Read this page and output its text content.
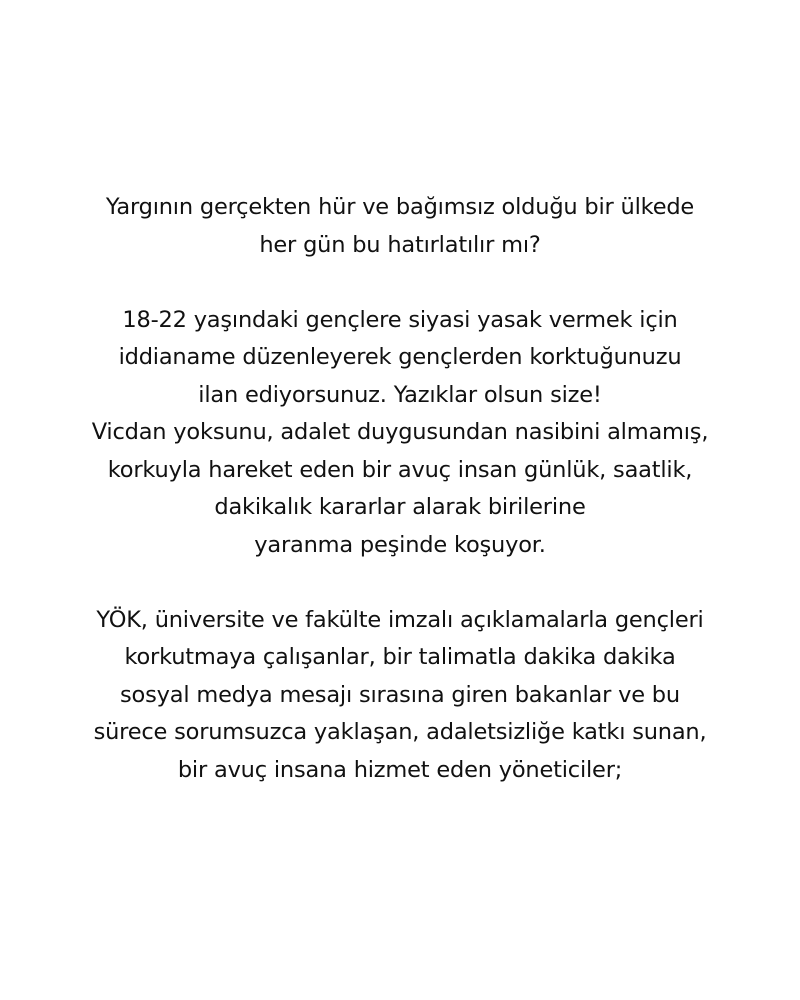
Yargının gerçekten hür ve bağımsız olduğu bir ülkede
her gün bu hatırlatılır mı?

18-22 yaşındaki gençlere siyasi yasak vermek için
iddianame düzenleyerek gençlerden korktuğunuzu
ilan ediyorsunuz. Yazıklar olsun size!
Vicdan yoksunu, adalet duygusundan nasibini almamış,
korkuyla hareket eden bir avuç insan günlük, saatlik,
dakikalık kararlar alarak birilerine
yaranma peşinde koşuyor.

YÖK, üniversite ve fakülte imzalı açıklamalarla gençleri
korkutmaya çalışanlar, bir talimatla dakika dakika
sosyal medya mesajı sırasına giren bakanlar ve bu
sürece sorumsuzca yaklaşan, adaletsizliğe katkı sunan,
bir avuç insana hizmet eden yöneticiler;
